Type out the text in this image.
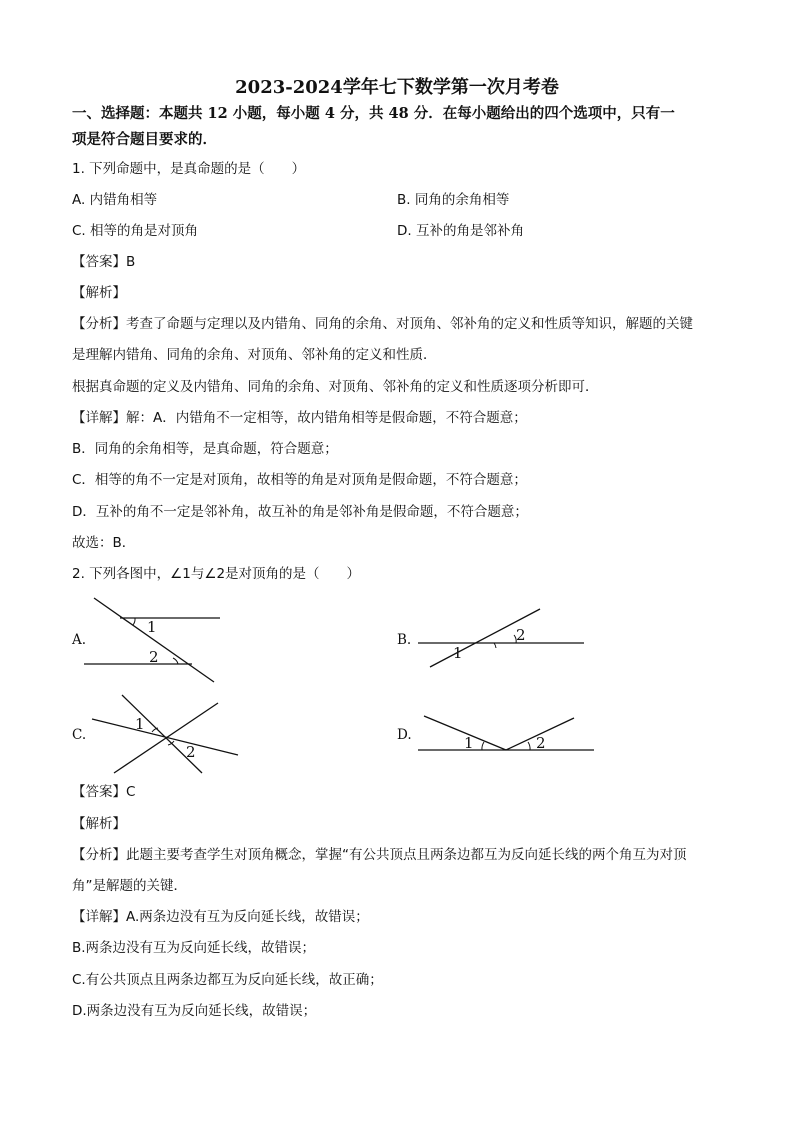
2023-2024学年七下数学第一次月考卷
一、选择题：本题共 12 小题，每小题 4 分，共 48 分．在每小题给出的四个选项中，只有一
项是符合题目要求的．
1. 下列命题中，是真命题的是（　　）
A. 内错角相等	B. 同角的余角相等
C. 相等的角是对顶角	D. 互补的角是邻补角
【答案】B
【解析】
【分析】考查了命题与定理以及内错角、同角的余角、对顶角、邻补角的定义和性质等知识，解题的关键
是理解内错角、同角的余角、对顶角、邻补角的定义和性质．
根据真命题的定义及内错角、同角的余角、对顶角、邻补角的定义和性质逐项分析即可．
【详解】解：A．内错角不一定相等，故内错角相等是假命题，不符合题意；
B．同角的余角相等，是真命题，符合题意；
C．相等的角不一定是对顶角，故相等的角是对顶角是假命题，不符合题意；
D．互补的角不一定是邻补角，故互补的角是邻补角是假命题，不符合题意；
故选：B．
2. 下列各图中，∠1与∠2是对顶角的是（　　）
A.
1
2
B.	2
1
C.
1
2
D.	1	2
【答案】C
【解析】
【分析】此题主要考查学生对顶角概念，掌握“有公共顶点且两条边都互为反向延长线的两个角互为对顶
角”是解题的关键．
【详解】A.两条边没有互为反向延长线，故错误；
B.两条边没有互为反向延长线，故错误；
C.有公共顶点且两条边都互为反向延长线，故正确；
D.两条边没有互为反向延长线，故错误；
